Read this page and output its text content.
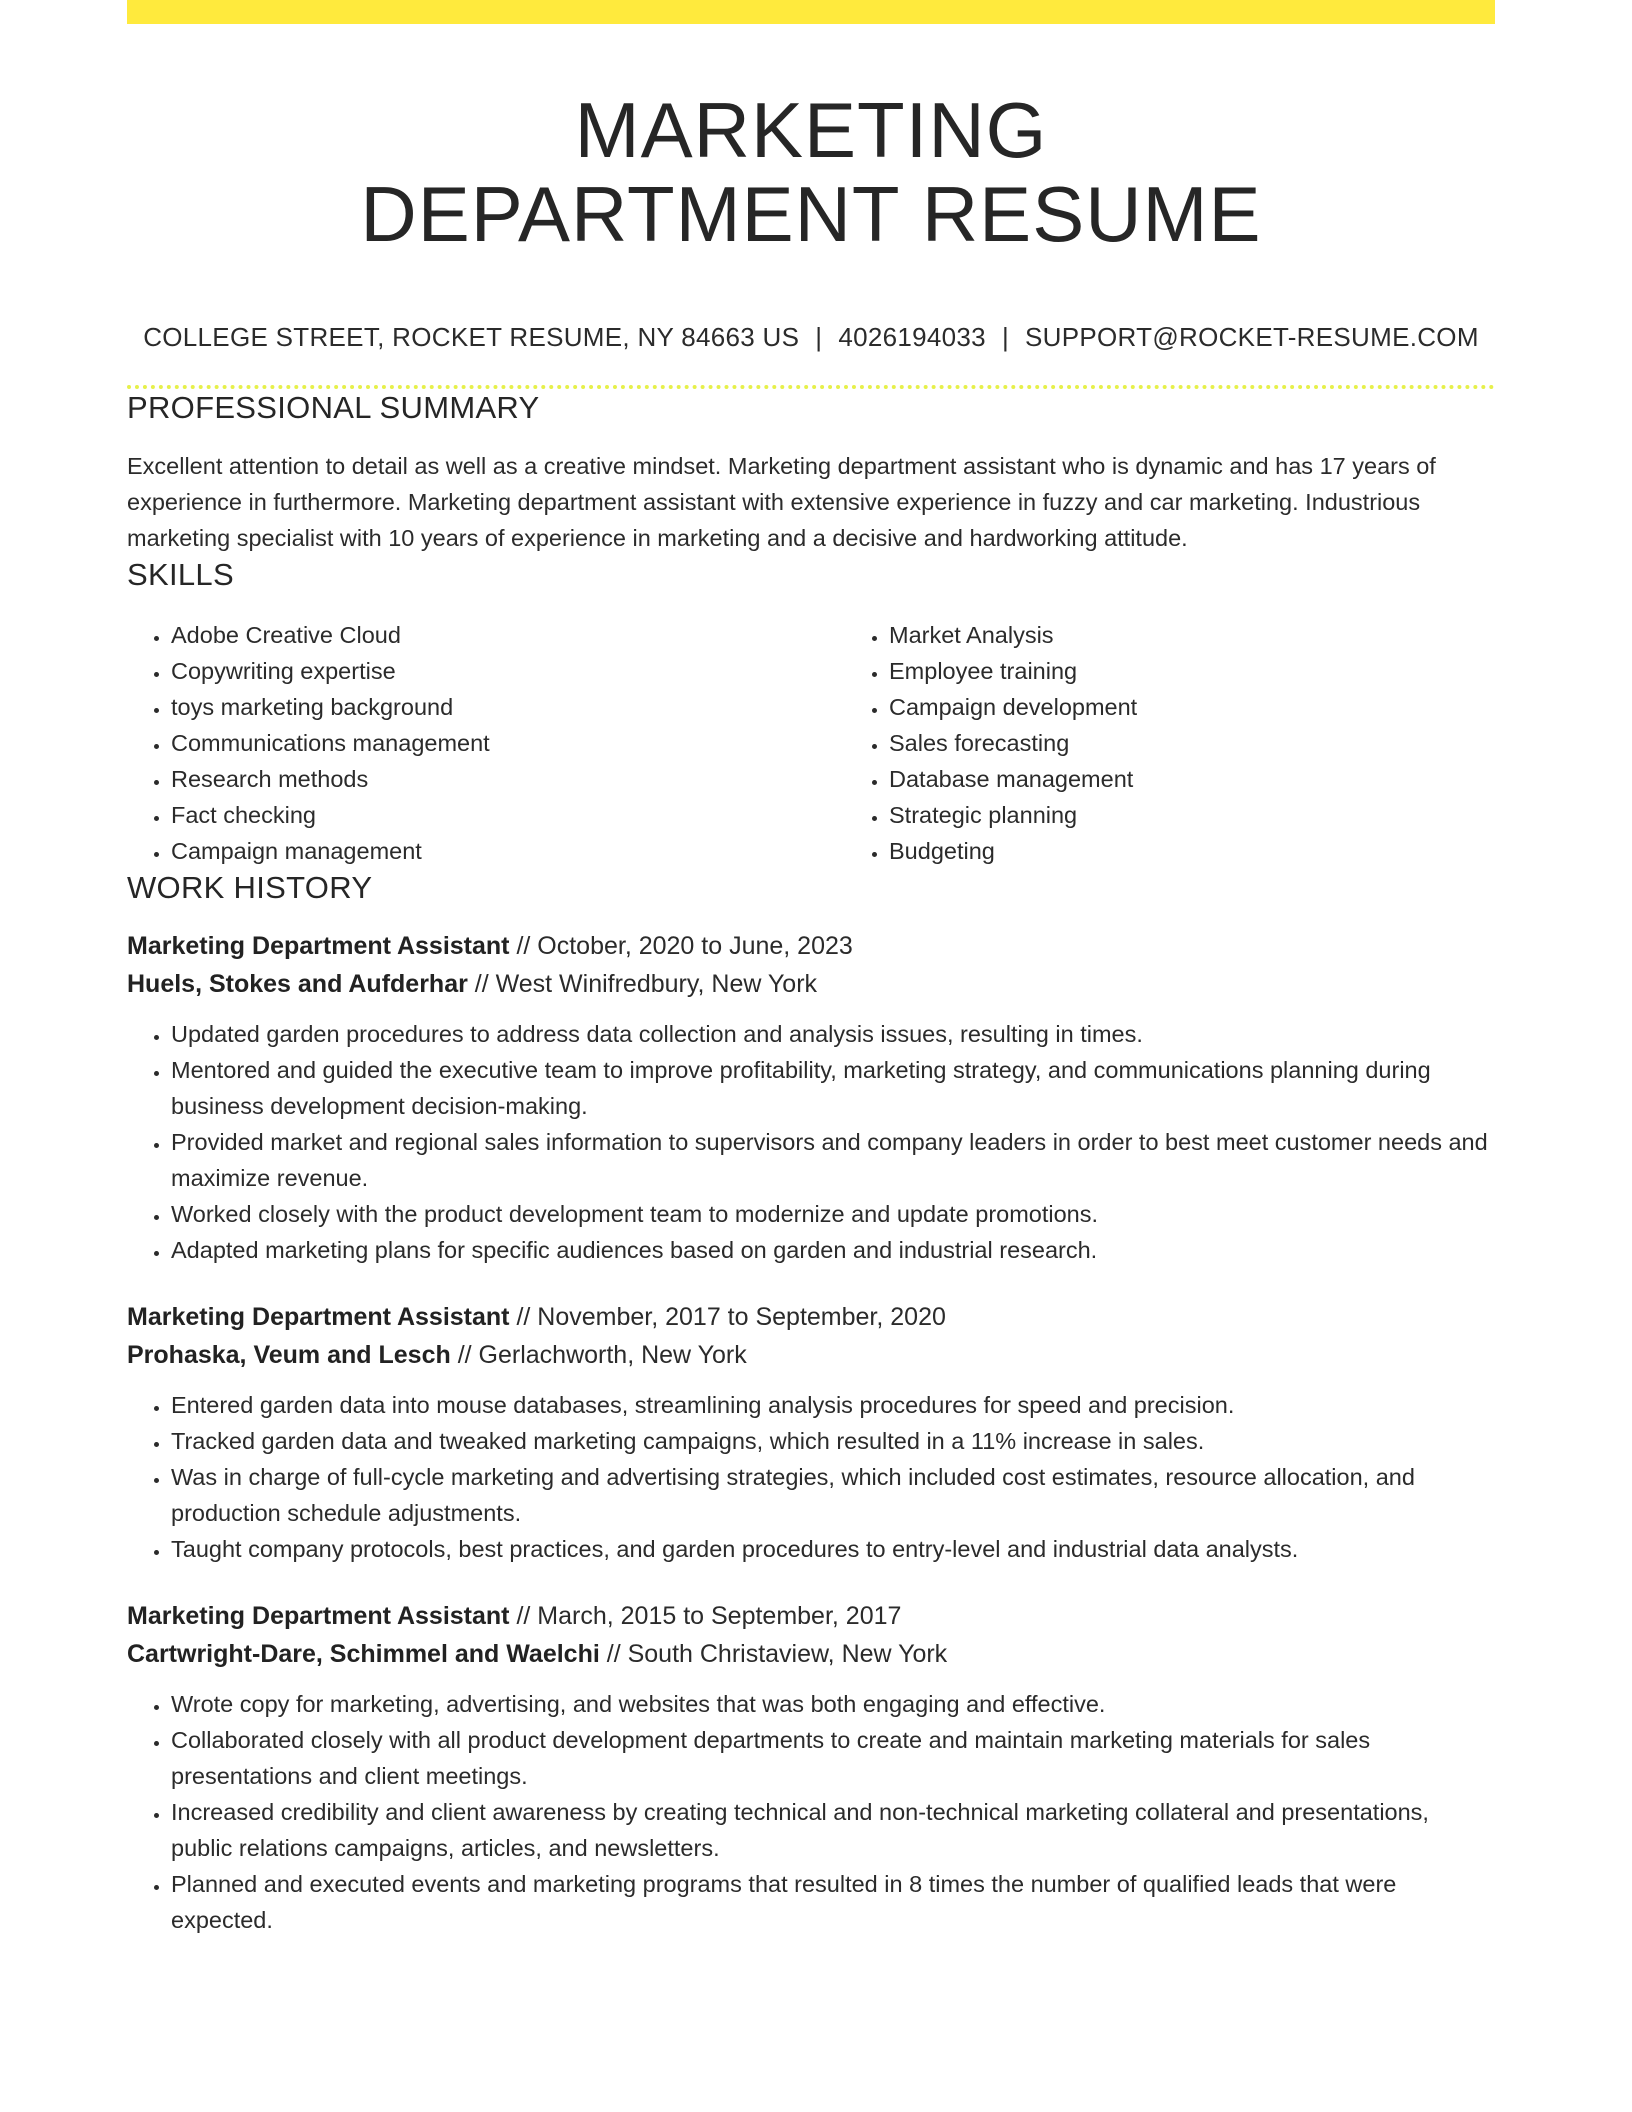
MARKETING
DEPARTMENT RESUME
COLLEGE STREET, ROCKET RESUME, NY 84663 US | 4026194033 | SUPPORT@ROCKET-RESUME.COM
PROFESSIONAL SUMMARY

Excellent attention to detail as well as a creative mindset. Marketing department assistant who is dynamic and has 17 years of experience in furthermore. Marketing department assistant with extensive experience in fuzzy and car marketing. Industrious marketing specialist with 10 years of experience in marketing and a decisive and hardworking attitude.

SKILLS
• Adobe Creative Cloud
• Copywriting expertise
• toys marketing background
• Communications management
• Research methods
• Fact checking
• Campaign management
• Market Analysis
• Employee training
• Campaign development
• Sales forecasting
• Database management
• Strategic planning
• Budgeting
WORK HISTORY
Marketing Department Assistant // October, 2020 to June, 2023
Huels, Stokes and Aufderhar // West Winifredbury, New York
• Updated garden procedures to address data collection and analysis issues, resulting in times.
• Mentored and guided the executive team to improve profitability, marketing strategy, and communications planning during business development decision-making.
• Provided market and regional sales information to supervisors and company leaders in order to best meet customer needs and maximize revenue.
• Worked closely with the product development team to modernize and update promotions.
• Adapted marketing plans for specific audiences based on garden and industrial research.
Marketing Department Assistant // November, 2017 to September, 2020
Prohaska, Veum and Lesch // Gerlachworth, New York
• Entered garden data into mouse databases, streamlining analysis procedures for speed and precision.
• Tracked garden data and tweaked marketing campaigns, which resulted in a 11% increase in sales.
• Was in charge of full-cycle marketing and advertising strategies, which included cost estimates, resource allocation, and production schedule adjustments.
• Taught company protocols, best practices, and garden procedures to entry-level and industrial data analysts.
Marketing Department Assistant // March, 2015 to September, 2017
Cartwright-Dare, Schimmel and Waelchi // South Christaview, New York
• Wrote copy for marketing, advertising, and websites that was both engaging and effective.
• Collaborated closely with all product development departments to create and maintain marketing materials for sales presentations and client meetings.
• Increased credibility and client awareness by creating technical and non-technical marketing collateral and presentations, public relations campaigns, articles, and newsletters.
• Planned and executed events and marketing programs that resulted in 8 times the number of qualified leads that were expected.
